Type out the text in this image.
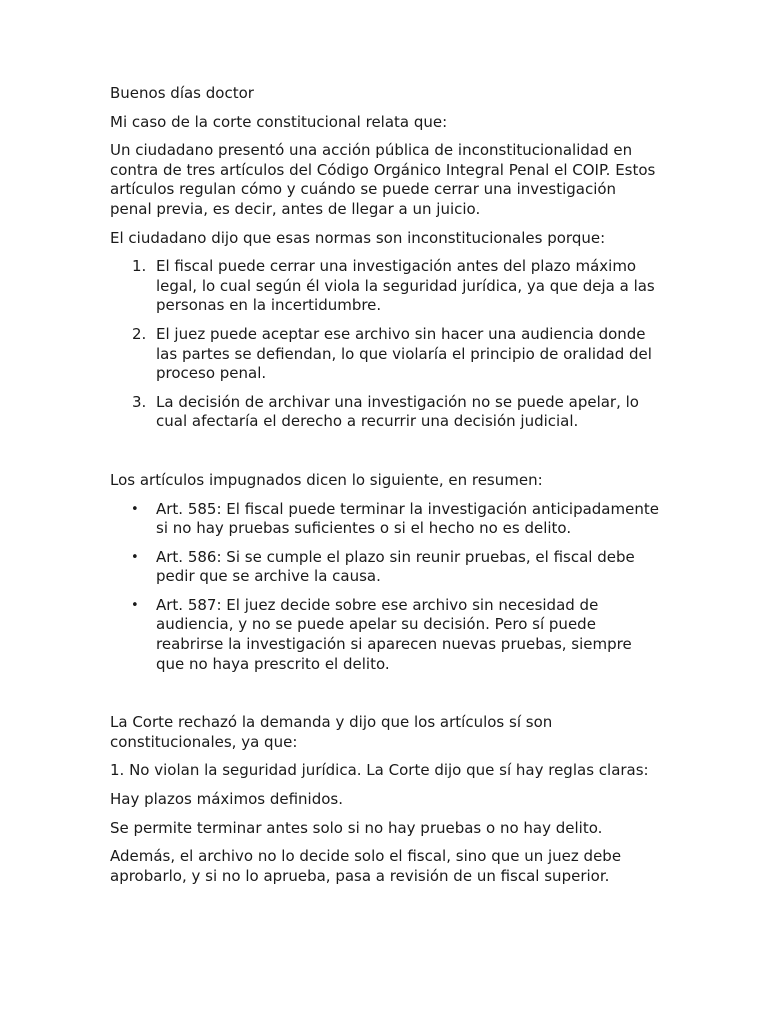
Buenos días doctor

Mi caso de la corte constitucional relata que:

Un ciudadano presentó una acción pública de inconstitucionalidad en contra de tres artículos del Código Orgánico Integral Penal el COIP. Estos artículos regulan cómo y cuándo se puede cerrar una investigación penal previa, es decir, antes de llegar a un juicio.

El ciudadano dijo que esas normas son inconstitucionales porque:

1. El fiscal puede cerrar una investigación antes del plazo máximo legal, lo cual según él viola la seguridad jurídica, ya que deja a las personas en la incertidumbre.
2. El juez puede aceptar ese archivo sin hacer una audiencia donde las partes se defiendan, lo que violaría el principio de oralidad del proceso penal.
3. La decisión de archivar una investigación no se puede apelar, lo cual afectaría el derecho a recurrir una decisión judicial.

Los artículos impugnados dicen lo siguiente, en resumen:

• Art. 585: El fiscal puede terminar la investigación anticipadamente si no hay pruebas suficientes o si el hecho no es delito.
• Art. 586: Si se cumple el plazo sin reunir pruebas, el fiscal debe pedir que se archive la causa.
• Art. 587: El juez decide sobre ese archivo sin necesidad de audiencia, y no se puede apelar su decisión. Pero sí puede reabrirse la investigación si aparecen nuevas pruebas, siempre que no haya prescrito el delito.

La Corte rechazó la demanda y dijo que los artículos sí son constitucionales, ya que:

1. No violan la seguridad jurídica. La Corte dijo que sí hay reglas claras:

Hay plazos máximos definidos.

Se permite terminar antes solo si no hay pruebas o no hay delito.

Además, el archivo no lo decide solo el fiscal, sino que un juez debe aprobarlo, y si no lo aprueba, pasa a revisión de un fiscal superior.
